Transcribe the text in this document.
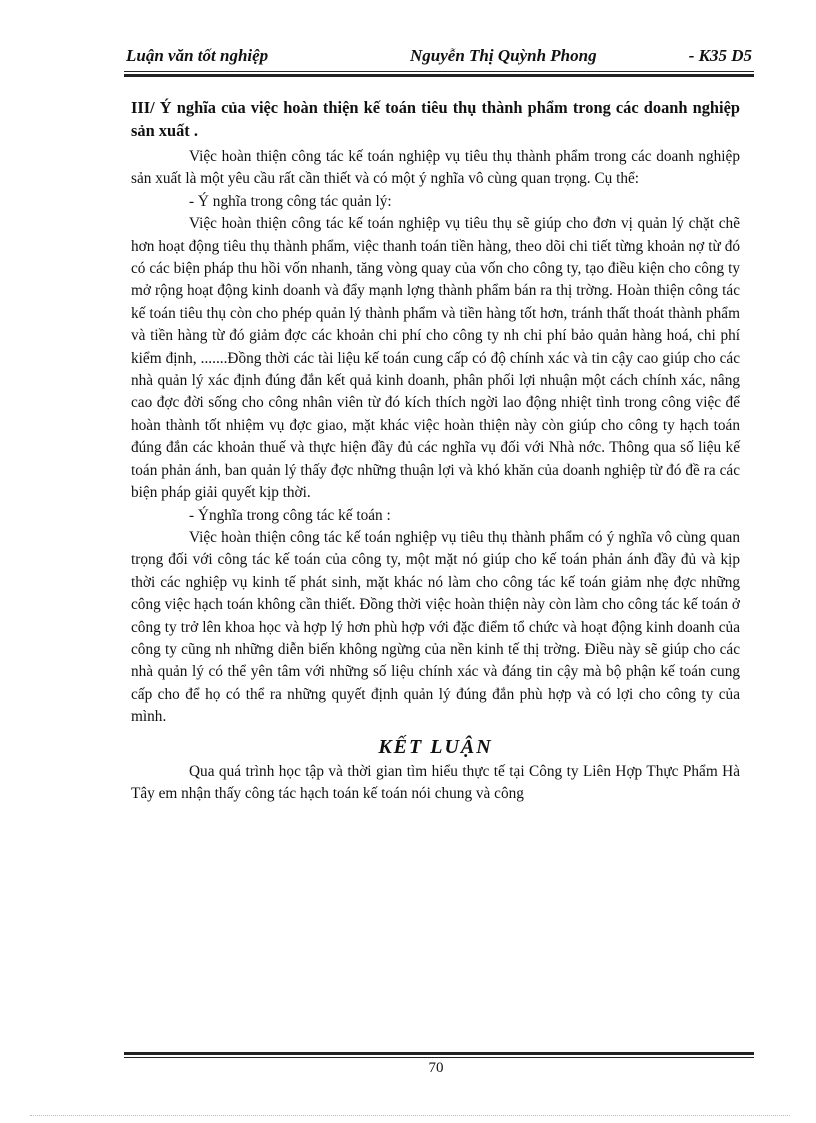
Luận văn tốt nghiệp	Nguyễn Thị Quỳnh Phong	- K35 D5

III/ Ý nghĩa của việc hoàn thiện kế toán tiêu thụ thành phẩm trong các doanh nghiệp sản xuất .

Việc hoàn thiện công tác kế toán nghiệp vụ tiêu thụ thành phẩm trong các doanh nghiệp sản xuất là một yêu cầu rất cần thiết và có một ý nghĩa vô cùng quan trọng. Cụ thể:

- Ý nghĩa trong công tác quản lý:

Việc hoàn thiện công tác kế toán nghiệp vụ tiêu thụ sẽ giúp cho đơn vị quản lý chặt chẽ hơn hoạt động tiêu thụ thành phẩm, việc thanh toán tiền hàng, theo dõi chi tiết từng khoản nợ từ đó có các biện pháp thu hồi vốn nhanh, tăng vòng quay của vốn cho công ty, tạo điều kiện cho công ty mở rộng hoạt động kinh doanh và đẩy mạnh lợng thành phẩm bán ra thị trờng. Hoàn thiện công tác kế toán tiêu thụ còn cho phép quản lý thành phẩm và tiền hàng tốt hơn, tránh thất thoát thành phẩm và tiền hàng từ đó giảm đợc các khoản chi phí cho công ty nh chi phí bảo quản hàng hoá, chi phí kiểm định, .......Đồng thời các tài liệu kế toán cung cấp có độ chính xác và tin cậy cao giúp cho các nhà quản lý xác định đúng đắn kết quả kinh doanh, phân phối lợi nhuận một cách chính xác, nâng cao đợc đời sống cho công nhân viên từ đó kích thích ngời lao động nhiệt tình trong công việc để hoàn thành tốt nhiệm vụ đợc giao, mặt khác việc hoàn thiện này còn giúp cho công ty hạch toán đúng đắn các khoản thuế và thực hiện đầy đủ các nghĩa vụ đối với Nhà nớc. Thông qua số liệu kế toán phản ánh, ban quản lý thấy đợc những thuận lợi và khó khăn của doanh nghiệp từ đó đề ra các biện pháp giải quyết kịp thời.

- Ýnghĩa trong công tác kế toán :

Việc hoàn thiện công tác kế toán nghiệp vụ tiêu thụ thành phẩm có ý nghĩa vô cùng quan trọng đối với công tác kế toán của công ty, một mặt nó giúp cho kế toán phản ánh đầy đủ và kịp thời các nghiệp vụ kinh tế phát sinh, mặt khác nó làm cho công tác kế toán giảm nhẹ đợc những công việc hạch toán không cần thiết. Đồng thời việc hoàn thiện này còn làm cho công tác kế toán ở công ty trở lên khoa học và hợp lý hơn phù hợp với đặc điểm tổ chức và hoạt động kinh doanh của công ty cũng nh những diễn biến không ngừng của nền kinh tế thị trờng. Điều này sẽ giúp cho các nhà quản lý có thể yên tâm với những số liệu chính xác và đáng tin cậy mà bộ phận kế toán cung cấp cho để họ có thể ra những quyết định quản lý đúng đắn phù hợp và có lợi cho công ty của mình.

KẾT LUẬN

Qua quá trình học tập và thời gian tìm hiểu thực tế tại Công ty Liên Hợp Thực Phẩm Hà Tây em nhận thấy công tác hạch toán kế toán nói chung và công

70
